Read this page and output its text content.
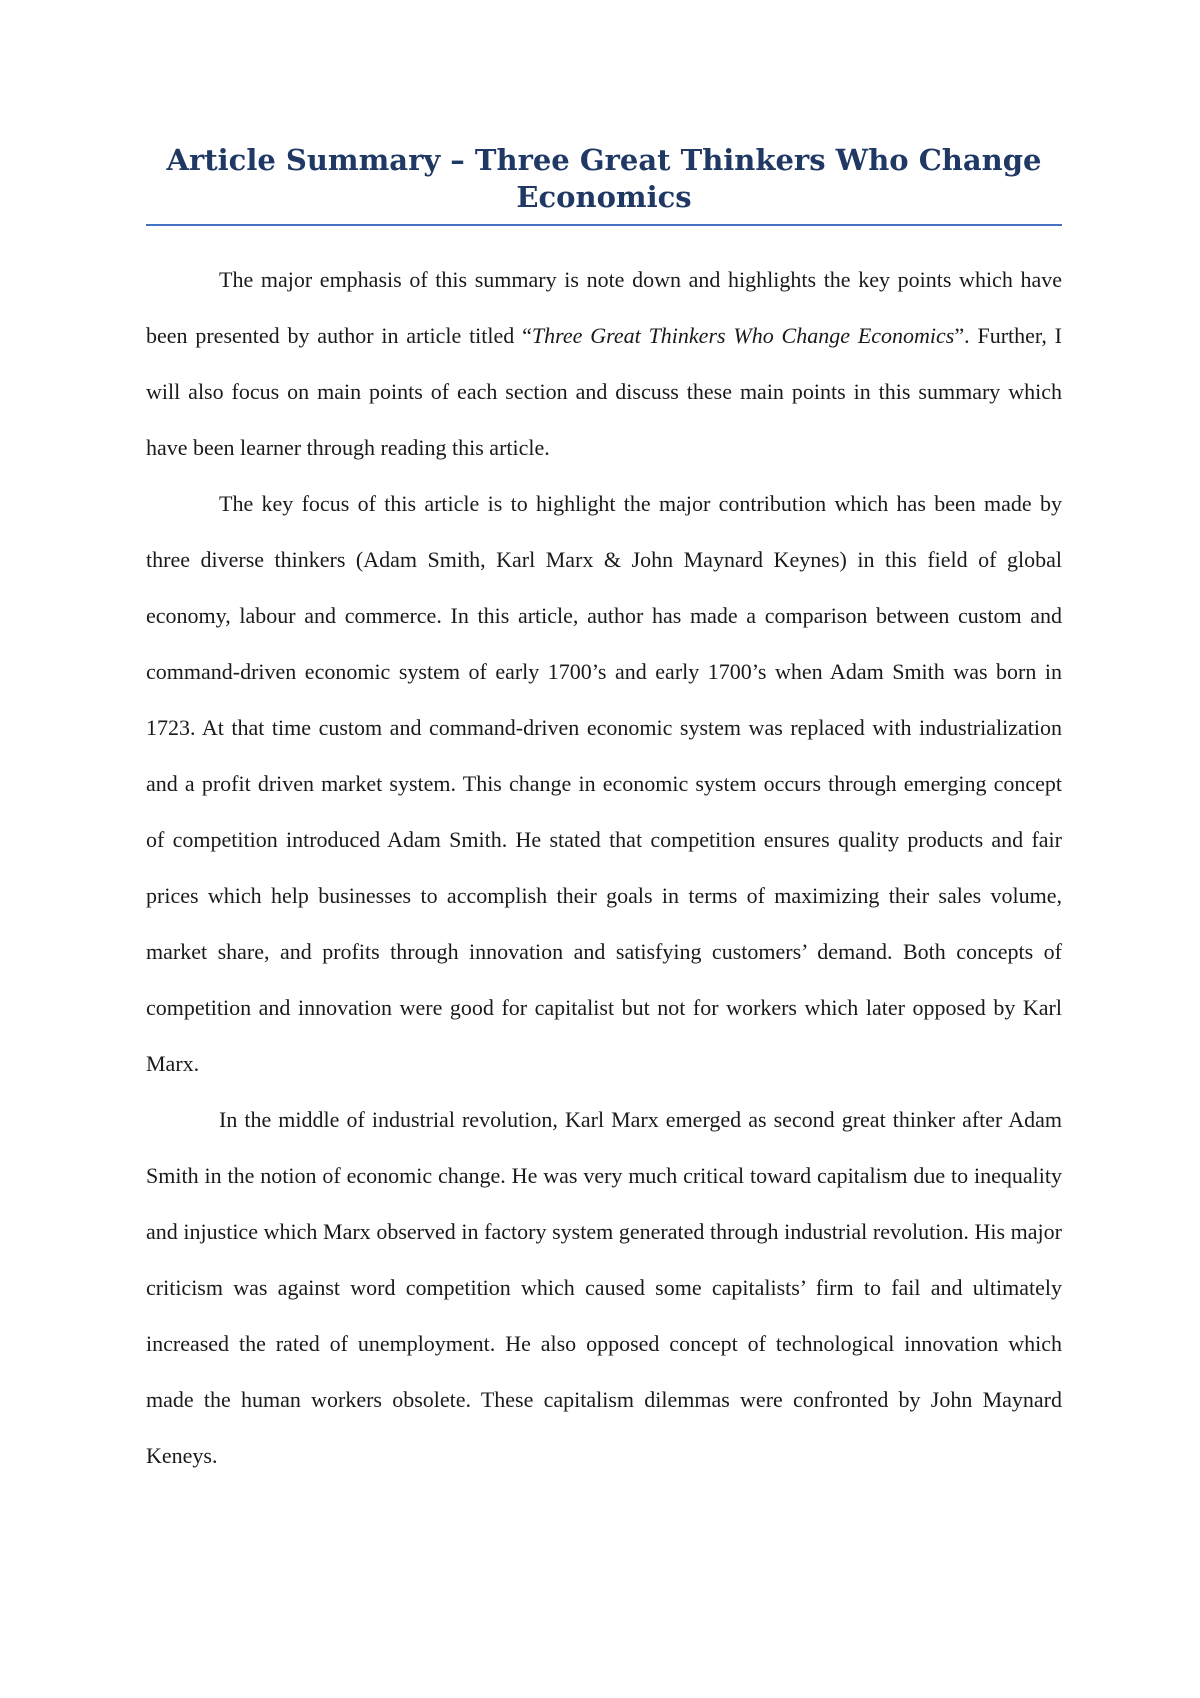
Article Summary – Three Great Thinkers Who Change Economics

The major emphasis of this summary is note down and highlights the key points which have been presented by author in article titled “Three Great Thinkers Who Change Economics”. Further, I will also focus on main points of each section and discuss these main points in this summary which have been learner through reading this article.

The key focus of this article is to highlight the major contribution which has been made by three diverse thinkers (Adam Smith, Karl Marx & John Maynard Keynes) in this field of global economy, labour and commerce. In this article, author has made a comparison between custom and command-driven economic system of early 1700’s and early 1700’s when Adam Smith was born in 1723. At that time custom and command-driven economic system was replaced with industrialization and a profit driven market system. This change in economic system occurs through emerging concept of competition introduced Adam Smith. He stated that competition ensures quality products and fair prices which help businesses to accomplish their goals in terms of maximizing their sales volume, market share, and profits through innovation and satisfying customers’ demand. Both concepts of competition and innovation were good for capitalist but not for workers which later opposed by Karl Marx.

In the middle of industrial revolution, Karl Marx emerged as second great thinker after Adam Smith in the notion of economic change. He was very much critical toward capitalism due to inequality and injustice which Marx observed in factory system generated through industrial revolution. His major criticism was against word competition which caused some capitalists’ firm to fail and ultimately increased the rated of unemployment. He also opposed concept of technological innovation which made the human workers obsolete. These capitalism dilemmas were confronted by John Maynard Keneys.
